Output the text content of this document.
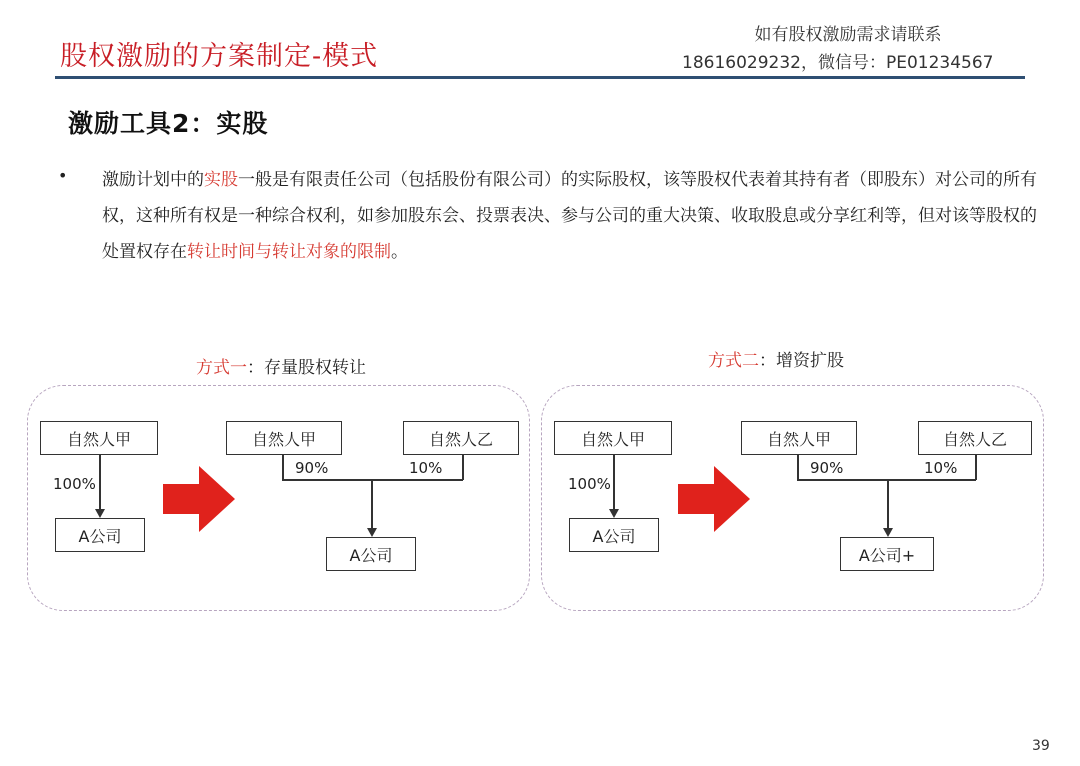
股权激励的方案制定-模式
如有股权激励需求请联系
18616029232，微信号：PE01234567
激励工具2：实股
• 激励计划中的实股一般是有限责任公司（包括股份有限公司）的实际股权，该等股权代表着其持有者（即股东）对公司的所有权，这种所有权是一种综合权利，如参加股东会、投票表决、参与公司的重大决策、收取股息或分享红利等，但对该等股权的处置权存在转让时间与转让对象的限制。
方式一：存量股权转让
自然人甲
100%
A公司
自然人甲	自然人乙
90%	10%
A公司
方式二：增资扩股
自然人甲
100%
A公司
自然人甲	自然人乙
90%	10%
A公司+
39
